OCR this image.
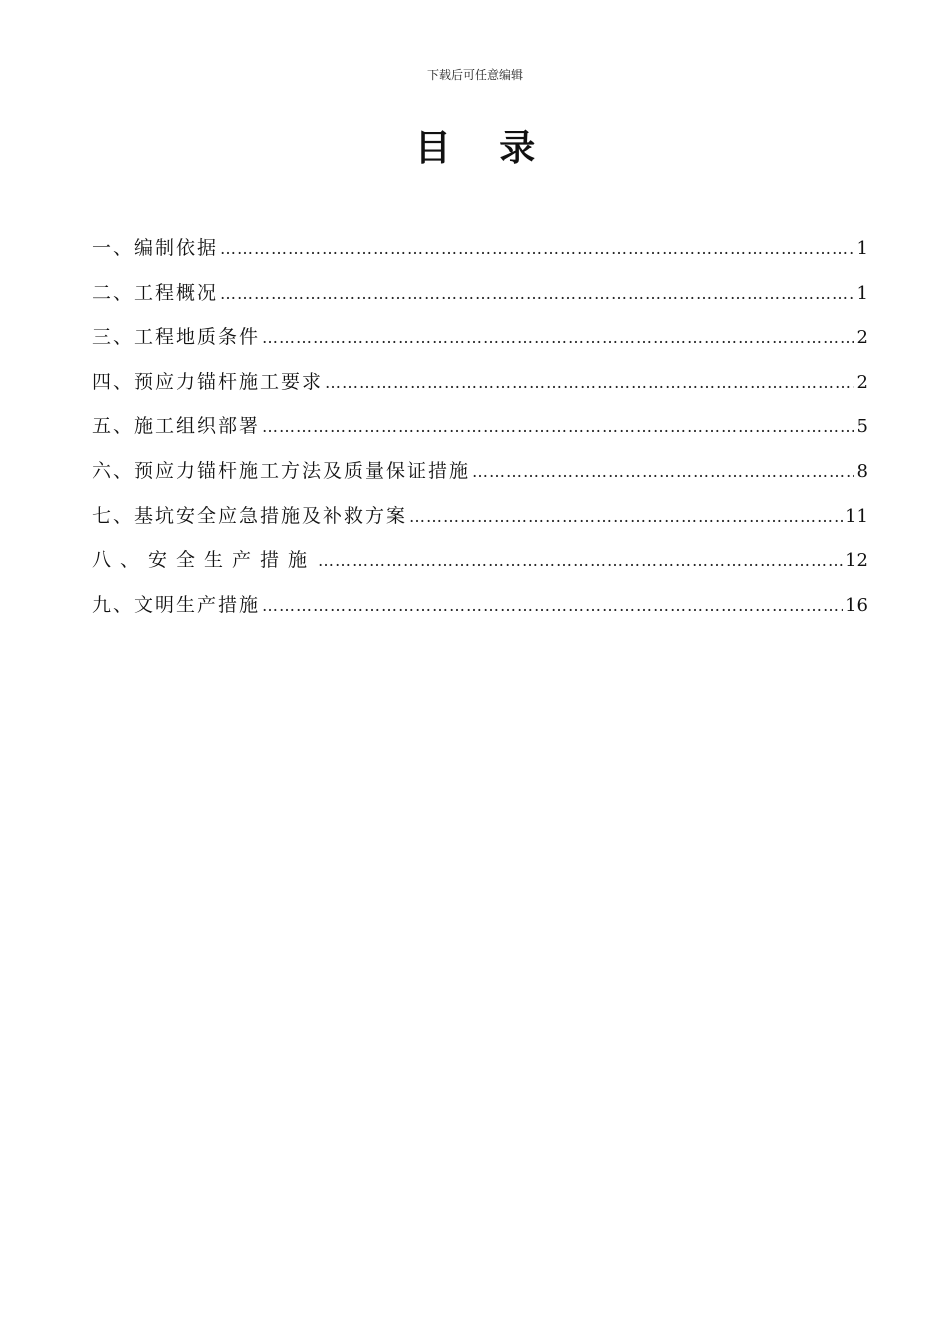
下载后可任意编辑
目 录
一、编制依据 …………………………………………………………………………………………………………………………………………………………………………	1
二、工程概况 …………………………………………………………………………………………………………………………………………………………………………	1
三、工程地质条件 …………………………………………………………………………………………………………………………………………………………………………	2
四、预应力锚杆施工要求 …………………………………………………………………………………………………………………………………………………………………………	2
五、施工组织部署 …………………………………………………………………………………………………………………………………………………………………………	5
六、预应力锚杆施工方法及质量保证措施 …………………………………………………………………………………………………………………………………………………………………………	8
七、基坑安全应急措施及补救方案 …………………………………………………………………………………………………………………………………………………………………………	11
八、安全生产措施 …………………………………………………………………………………………………………………………………………………………………………	12
九、文明生产措施 …………………………………………………………………………………………………………………………………………………………………………	16
